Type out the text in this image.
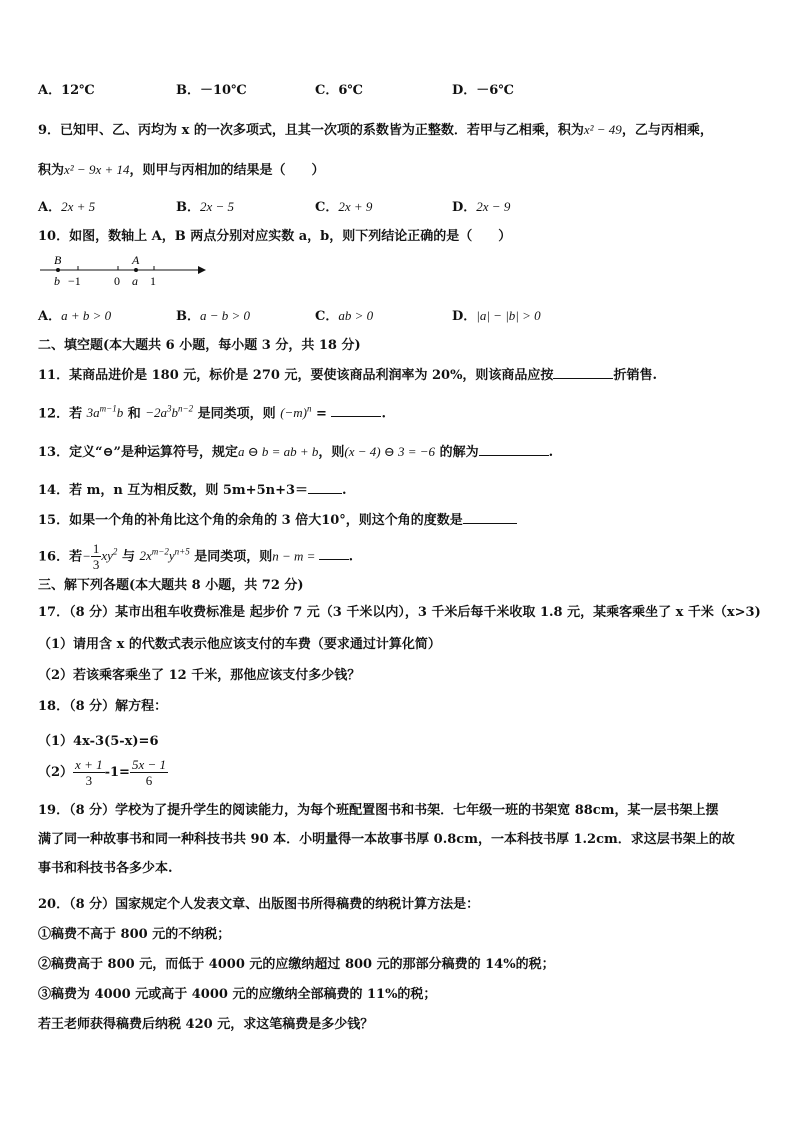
A．12℃	B．－10℃	C．6℃	D．－6℃
9．已知甲、乙、丙均为 x 的一次多项式，且其一次项的系数皆为正整数．若甲与乙相乘，积为x² − 49，乙与丙相乘，
积为x² − 9x + 14，则甲与丙相加的结果是（　　）
A．2x + 5	B．2x − 5	C．2x + 9	D．2x − 9
10．如图，数轴上 A，B 两点分别对应实数 a，b，则下列结论正确的是（　　）
B	A
b −1	0 a 1
A．a + b > 0	B．a − b > 0	C．ab > 0	D．|a| − |b| > 0
二、填空题(本大题共 6 小题，每小题 3 分，共 18 分)
11．某商品进价是 180 元，标价是 270 元，要使该商品利润率为 20%，则该商品应按	折销售.
12．若 $3a^{m-1}b$ 和 $-2a^3b^{n-2}$ 是同类项，则 $(-m)^n$ =	.
13．定义“⊖”是种运算符号，规定a ⊖ b = ab + b，则(x − 4) ⊖ 3 = −6 的解为	.
14．若 m，n 互为相反数，则 5m+5n+3＝	.
15．如果一个角的补角比这个角的余角的 3 倍大10°，则这个角的度数是
16．若− $\frac{1}{3} xy^2$ 与 $2x^{m-2}y^{n+5}$ 是同类项，则n − m = .
三、解下列各题(本大题共 8 小题，共 72 分)
17．（8 分）某市出租车收费标准是 起步价 7 元（3 千米以内），3 千米后每千米收取 1.8 元，某乘客乘坐了 x 千米（x>3)
（1）请用含 x 的代数式表示他应该支付的车费（要求通过计算化简）
（2）若该乘客乘坐了 12 千米，那他应该支付多少钱？
18．（8 分）解方程：
（1）4x-3(5-x)=6
$(2) \frac{x + 1}{3} -1= \frac{5x - 1}{6}$
19．（8 分）学校为了提升学生的阅读能力，为每个班配置图书和书架．七年级一班的书架宽 88cm，某一层书架上摆
满了同一种故事书和同一种科技书共 90 本．小明量得一本故事书厚 0.8cm，一本科技书厚 1.2cm．求这层书架上的故
事书和科技书各多少本.
20．（8 分）国家规定个人发表文章、出版图书所得稿费的纳税计算方法是：
①稿费不高于 800 元的不纳税；
②稿费高于 800 元，而低于 4000 元的应缴纳超过 800 元的那部分稿费的 14%的税；
③稿费为 4000 元或高于 4000 元的应缴纳全部稿费的 11%的税；
若王老师获得稿费后纳税 420 元，求这笔稿费是多少钱？
